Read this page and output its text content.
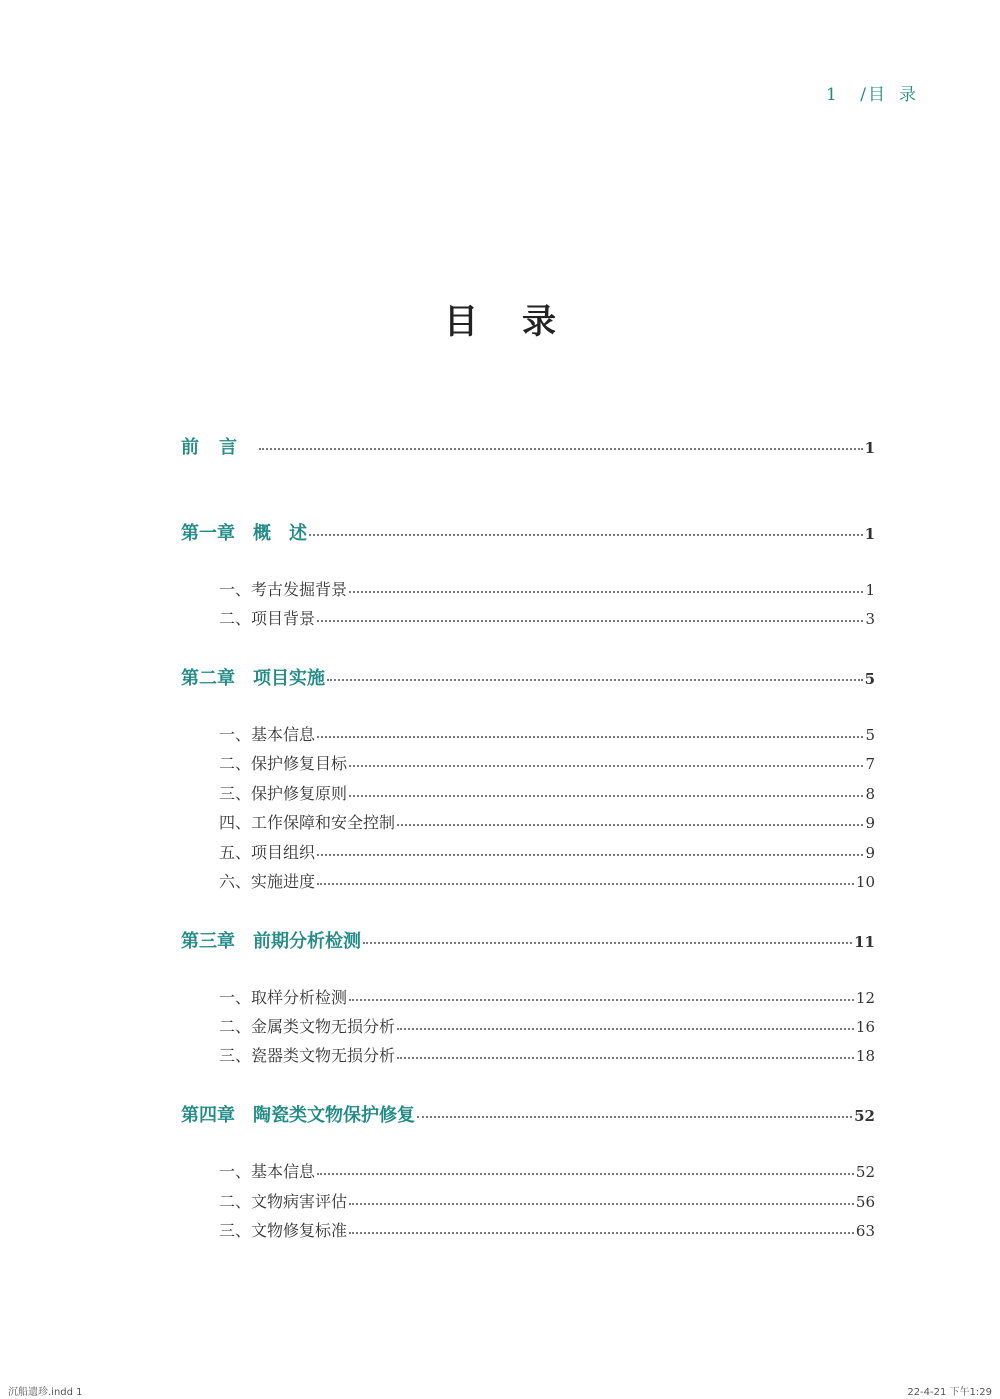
1 /目录
目 录
前言	1
第一章 概　述	1
一、考古发掘背景	1
二、项目背景	3
第二章 项目实施	5
一、基本信息	5
二、保护修复目标	7
三、保护修复原则	8
四、工作保障和安全控制	9
五、项目组织	9
六、实施进度	10
第三章 前期分析检测	11
一、取样分析检测	12
二、金属类文物无损分析	16
三、瓷器类文物无损分析	18
第四章 陶瓷类文物保护修复	52
一、基本信息	52
二、文物病害评估	56
三、文物修复标准	63
沉船遗珍.indd 1	22-4-21 下午1:29
